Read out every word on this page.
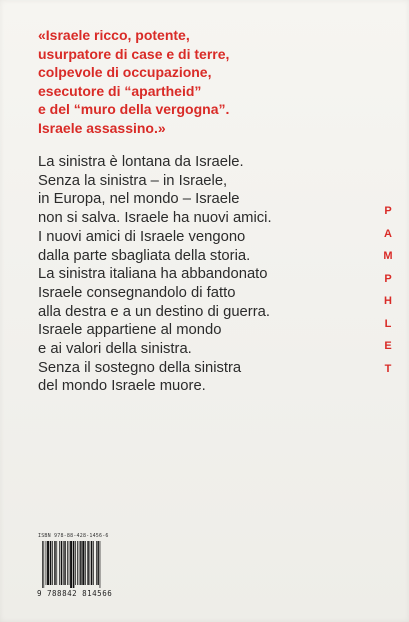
«Israele ricco, potente,
usurpatore di case e di terre,
colpevole di occupazione,
esecutore di “apartheid”
e del “muro della vergogna”.
Israele assassino.»
La sinistra è lontana da Israele.
Senza la sinistra – in Israele,
in Europa, nel mondo – Israele
non si salva. Israele ha nuovi amici.
I nuovi amici di Israele vengono
dalla parte sbagliata della storia.
La sinistra italiana ha abbandonato
Israele consegnandolo di fatto
alla destra e a un destino di guerra.
Israele appartiene al mondo
e ai valori della sinistra.
Senza il sostegno della sinistra
del mondo Israele muore.
P
A
M
P
H
L
E
T
ISBN 978-88-428-1456-6
9 788842 814566
